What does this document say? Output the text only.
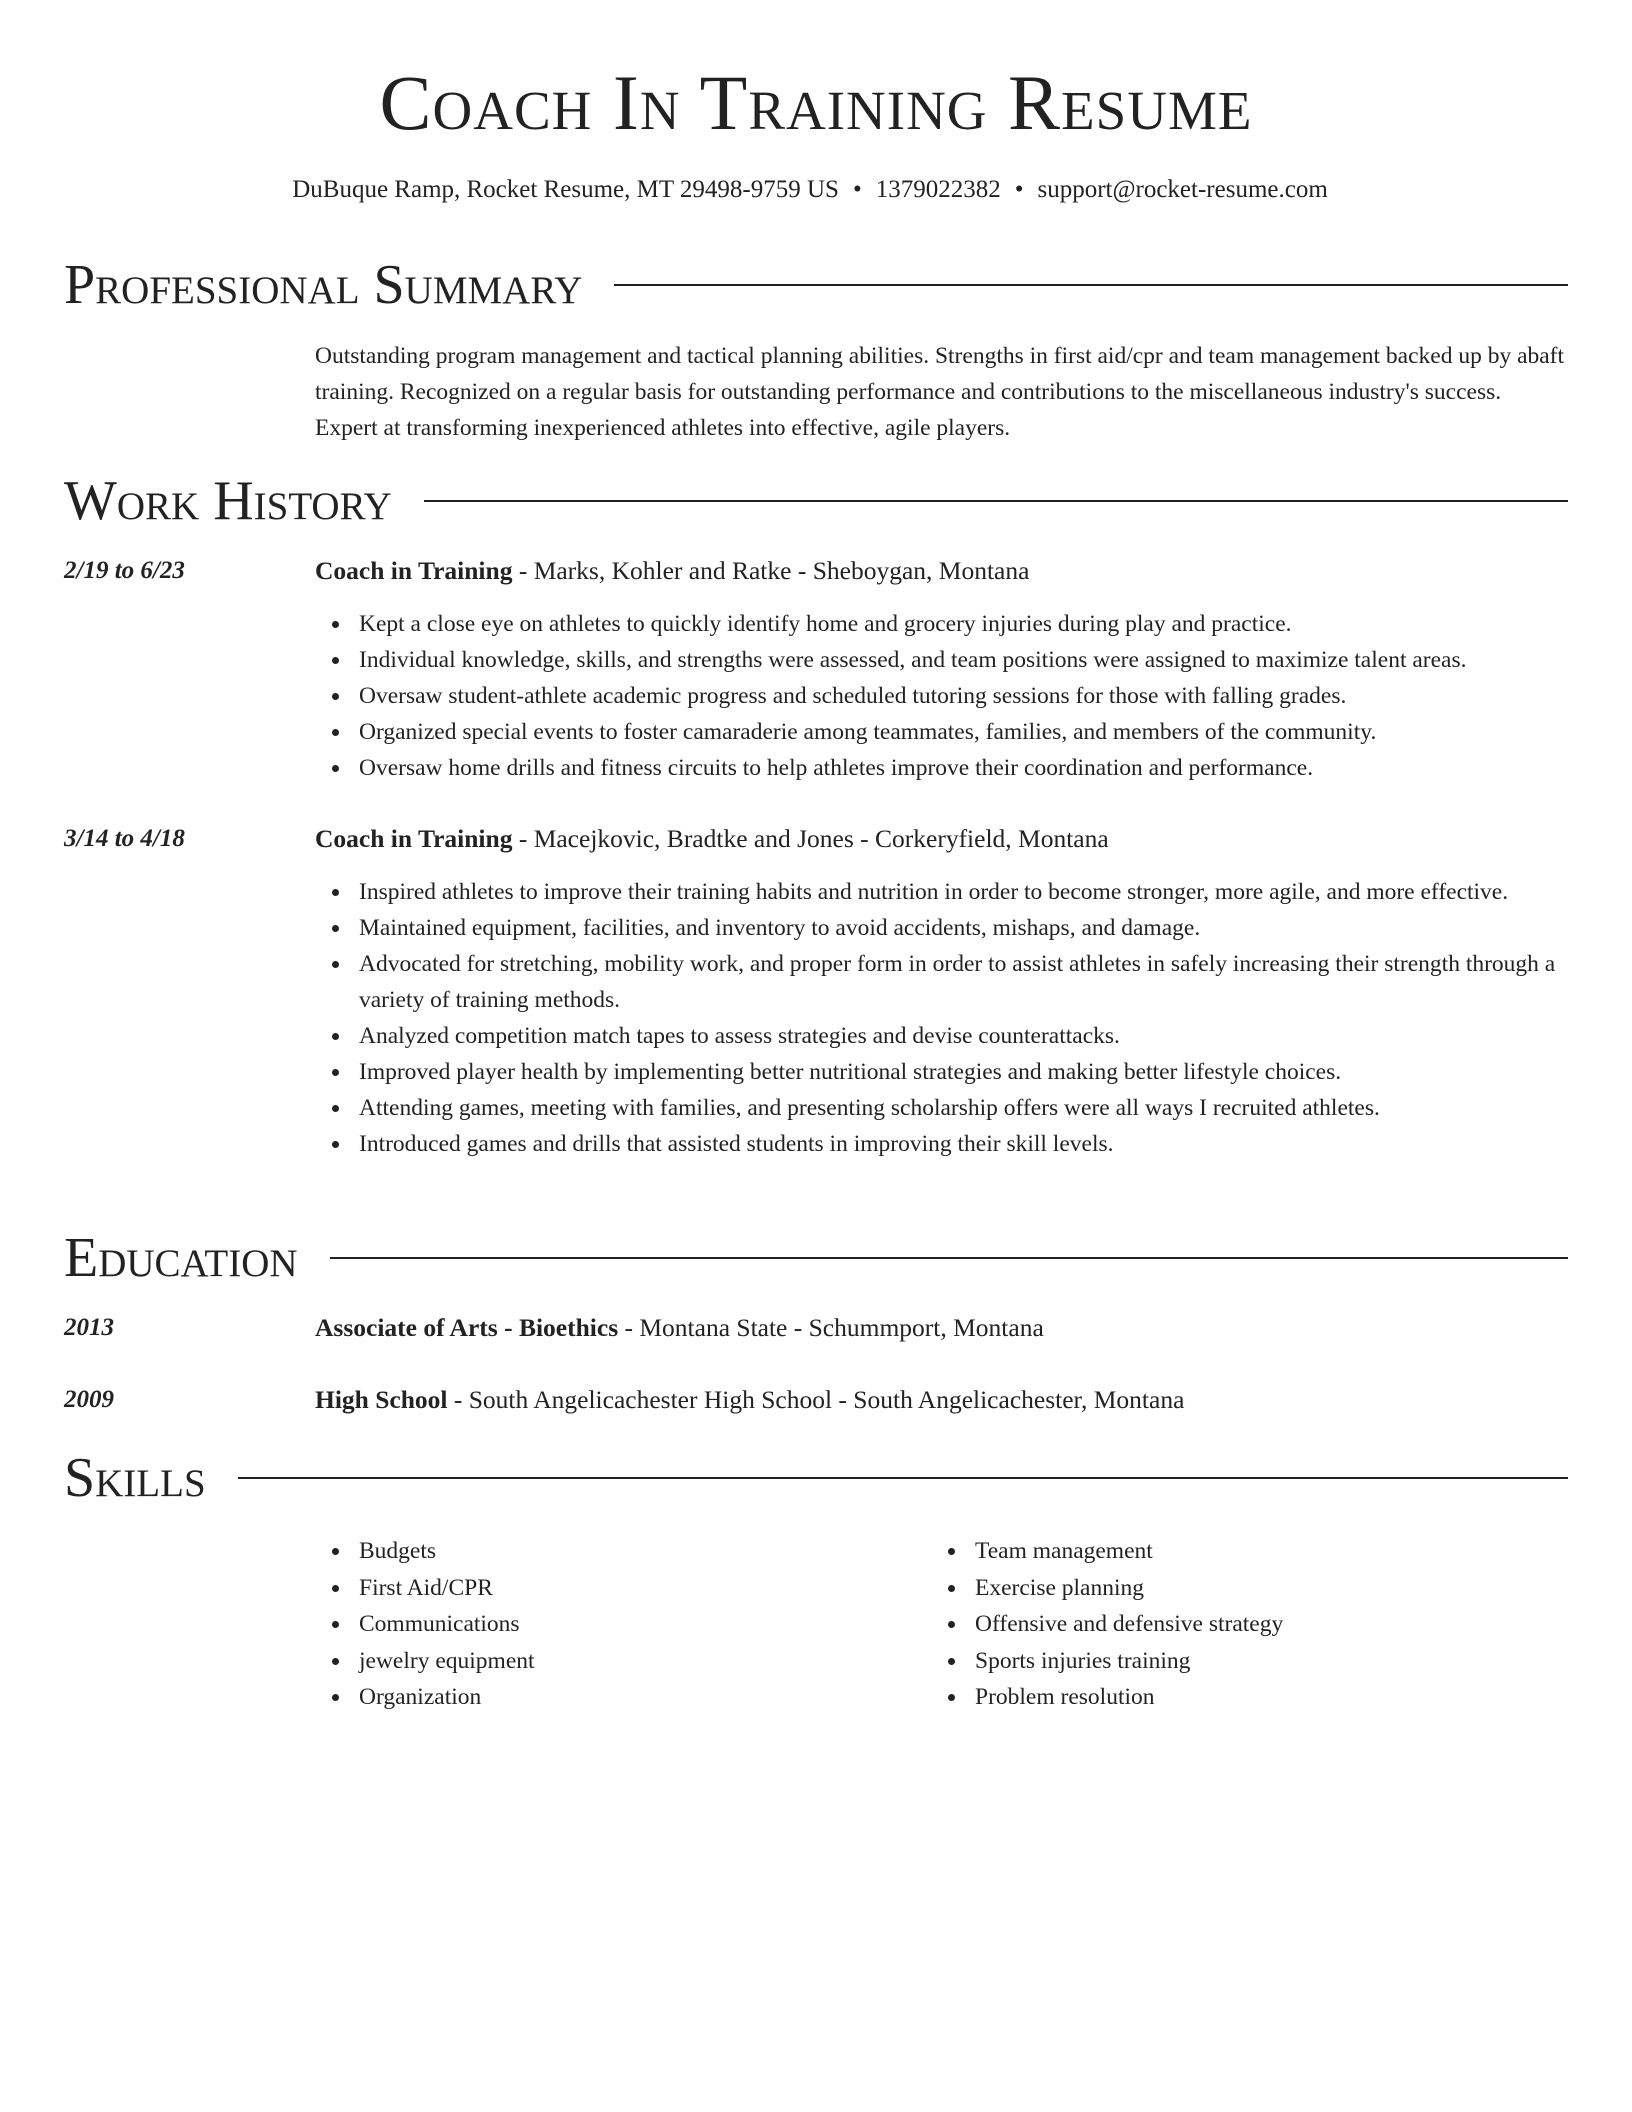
Coach In Training Resume
DuBuque Ramp, Rocket Resume, MT 29498-9759 US • 1379022382 • support@rocket-resume.com
Professional Summary
Outstanding program management and tactical planning abilities. Strengths in first aid/cpr and team management backed up by abaft training. Recognized on a regular basis for outstanding performance and contributions to the miscellaneous industry's success. Expert at transforming inexperienced athletes into effective, agile players.
Work History
2/19 to 6/23	Coach in Training - Marks, Kohler and Ratke - Sheboygan, Montana
Kept a close eye on athletes to quickly identify home and grocery injuries during play and practice.
Individual knowledge, skills, and strengths were assessed, and team positions were assigned to maximize talent areas.
Oversaw student-athlete academic progress and scheduled tutoring sessions for those with falling grades.
Organized special events to foster camaraderie among teammates, families, and members of the community.
Oversaw home drills and fitness circuits to help athletes improve their coordination and performance.
3/14 to 4/18	Coach in Training - Macejkovic, Bradtke and Jones - Corkeryfield, Montana
Inspired athletes to improve their training habits and nutrition in order to become stronger, more agile, and more effective.
Maintained equipment, facilities, and inventory to avoid accidents, mishaps, and damage.
Advocated for stretching, mobility work, and proper form in order to assist athletes in safely increasing their strength through a variety of training methods.
Analyzed competition match tapes to assess strategies and devise counterattacks.
Improved player health by implementing better nutritional strategies and making better lifestyle choices.
Attending games, meeting with families, and presenting scholarship offers were all ways I recruited athletes.
Introduced games and drills that assisted students in improving their skill levels.
Education
2013	Associate of Arts - Bioethics - Montana State - Schummport, Montana
2009	High School - South Angelicachester High School - South Angelicachester, Montana
Skills
Budgets
First Aid/CPR
Communications
jewelry equipment
Organization
Team management
Exercise planning
Offensive and defensive strategy
Sports injuries training
Problem resolution
